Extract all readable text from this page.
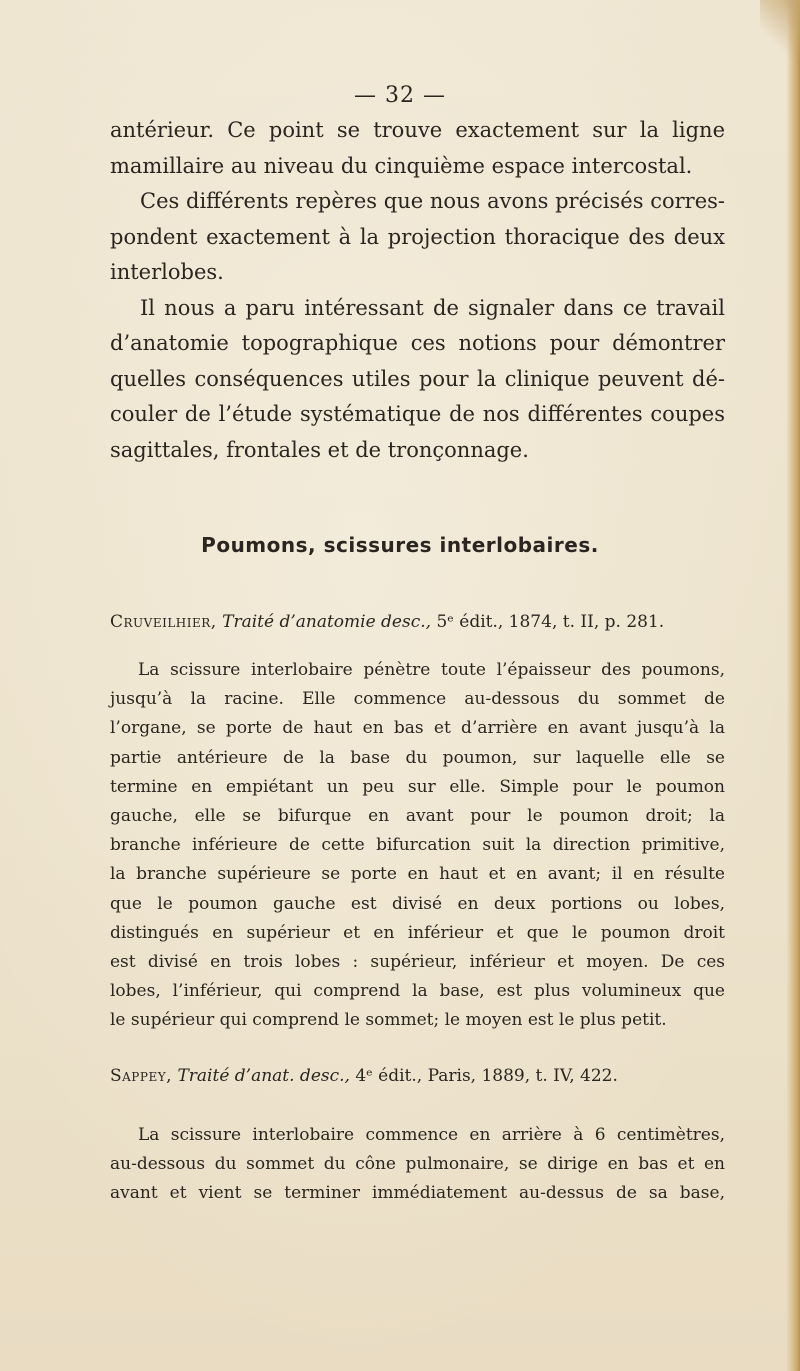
— 32 —
antérieur. Ce point se trouve exactement sur la ligne
mamillaire au niveau du cinquième espace intercostal.
Ces différents repères que nous avons précisés corres-
pondent exactement à la projection thoracique des deux
interlobes.
Il nous a paru intéressant de signaler dans ce travail
d’anatomie topographique ces notions pour démontrer
quelles conséquences utiles pour la clinique peuvent dé-
couler de l’étude systématique de nos différentes coupes
sagittales, frontales et de tronçonnage.
Poumons, scissures interlobaires.
Cruveilhier, Traité d’anatomie desc., 5ᵉ édit., 1874, t. II, p. 281.
La scissure interlobaire pénètre toute l’épaisseur des poumons,
jusqu’à la racine. Elle commence au-dessous du sommet de
l’organe, se porte de haut en bas et d’arrière en avant jusqu’à la
partie antérieure de la base du poumon, sur laquelle elle se
termine en empiétant un peu sur elle. Simple pour le poumon
gauche, elle se bifurque en avant pour le poumon droit; la
branche inférieure de cette bifurcation suit la direction primitive,
la branche supérieure se porte en haut et en avant; il en résulte
que le poumon gauche est divisé en deux portions ou lobes,
distingués en supérieur et en inférieur et que le poumon droit
est divisé en trois lobes : supérieur, inférieur et moyen. De ces
lobes, l’inférieur, qui comprend la base, est plus volumineux que
le supérieur qui comprend le sommet; le moyen est le plus petit.
Sappey, Traité d’anat. desc., 4ᵉ édit., Paris, 1889, t. IV, 422.
La scissure interlobaire commence en arrière à 6 centimètres,
au-dessous du sommet du cône pulmonaire, se dirige en bas et en
avant et vient se terminer immédiatement au-dessus de sa base,
